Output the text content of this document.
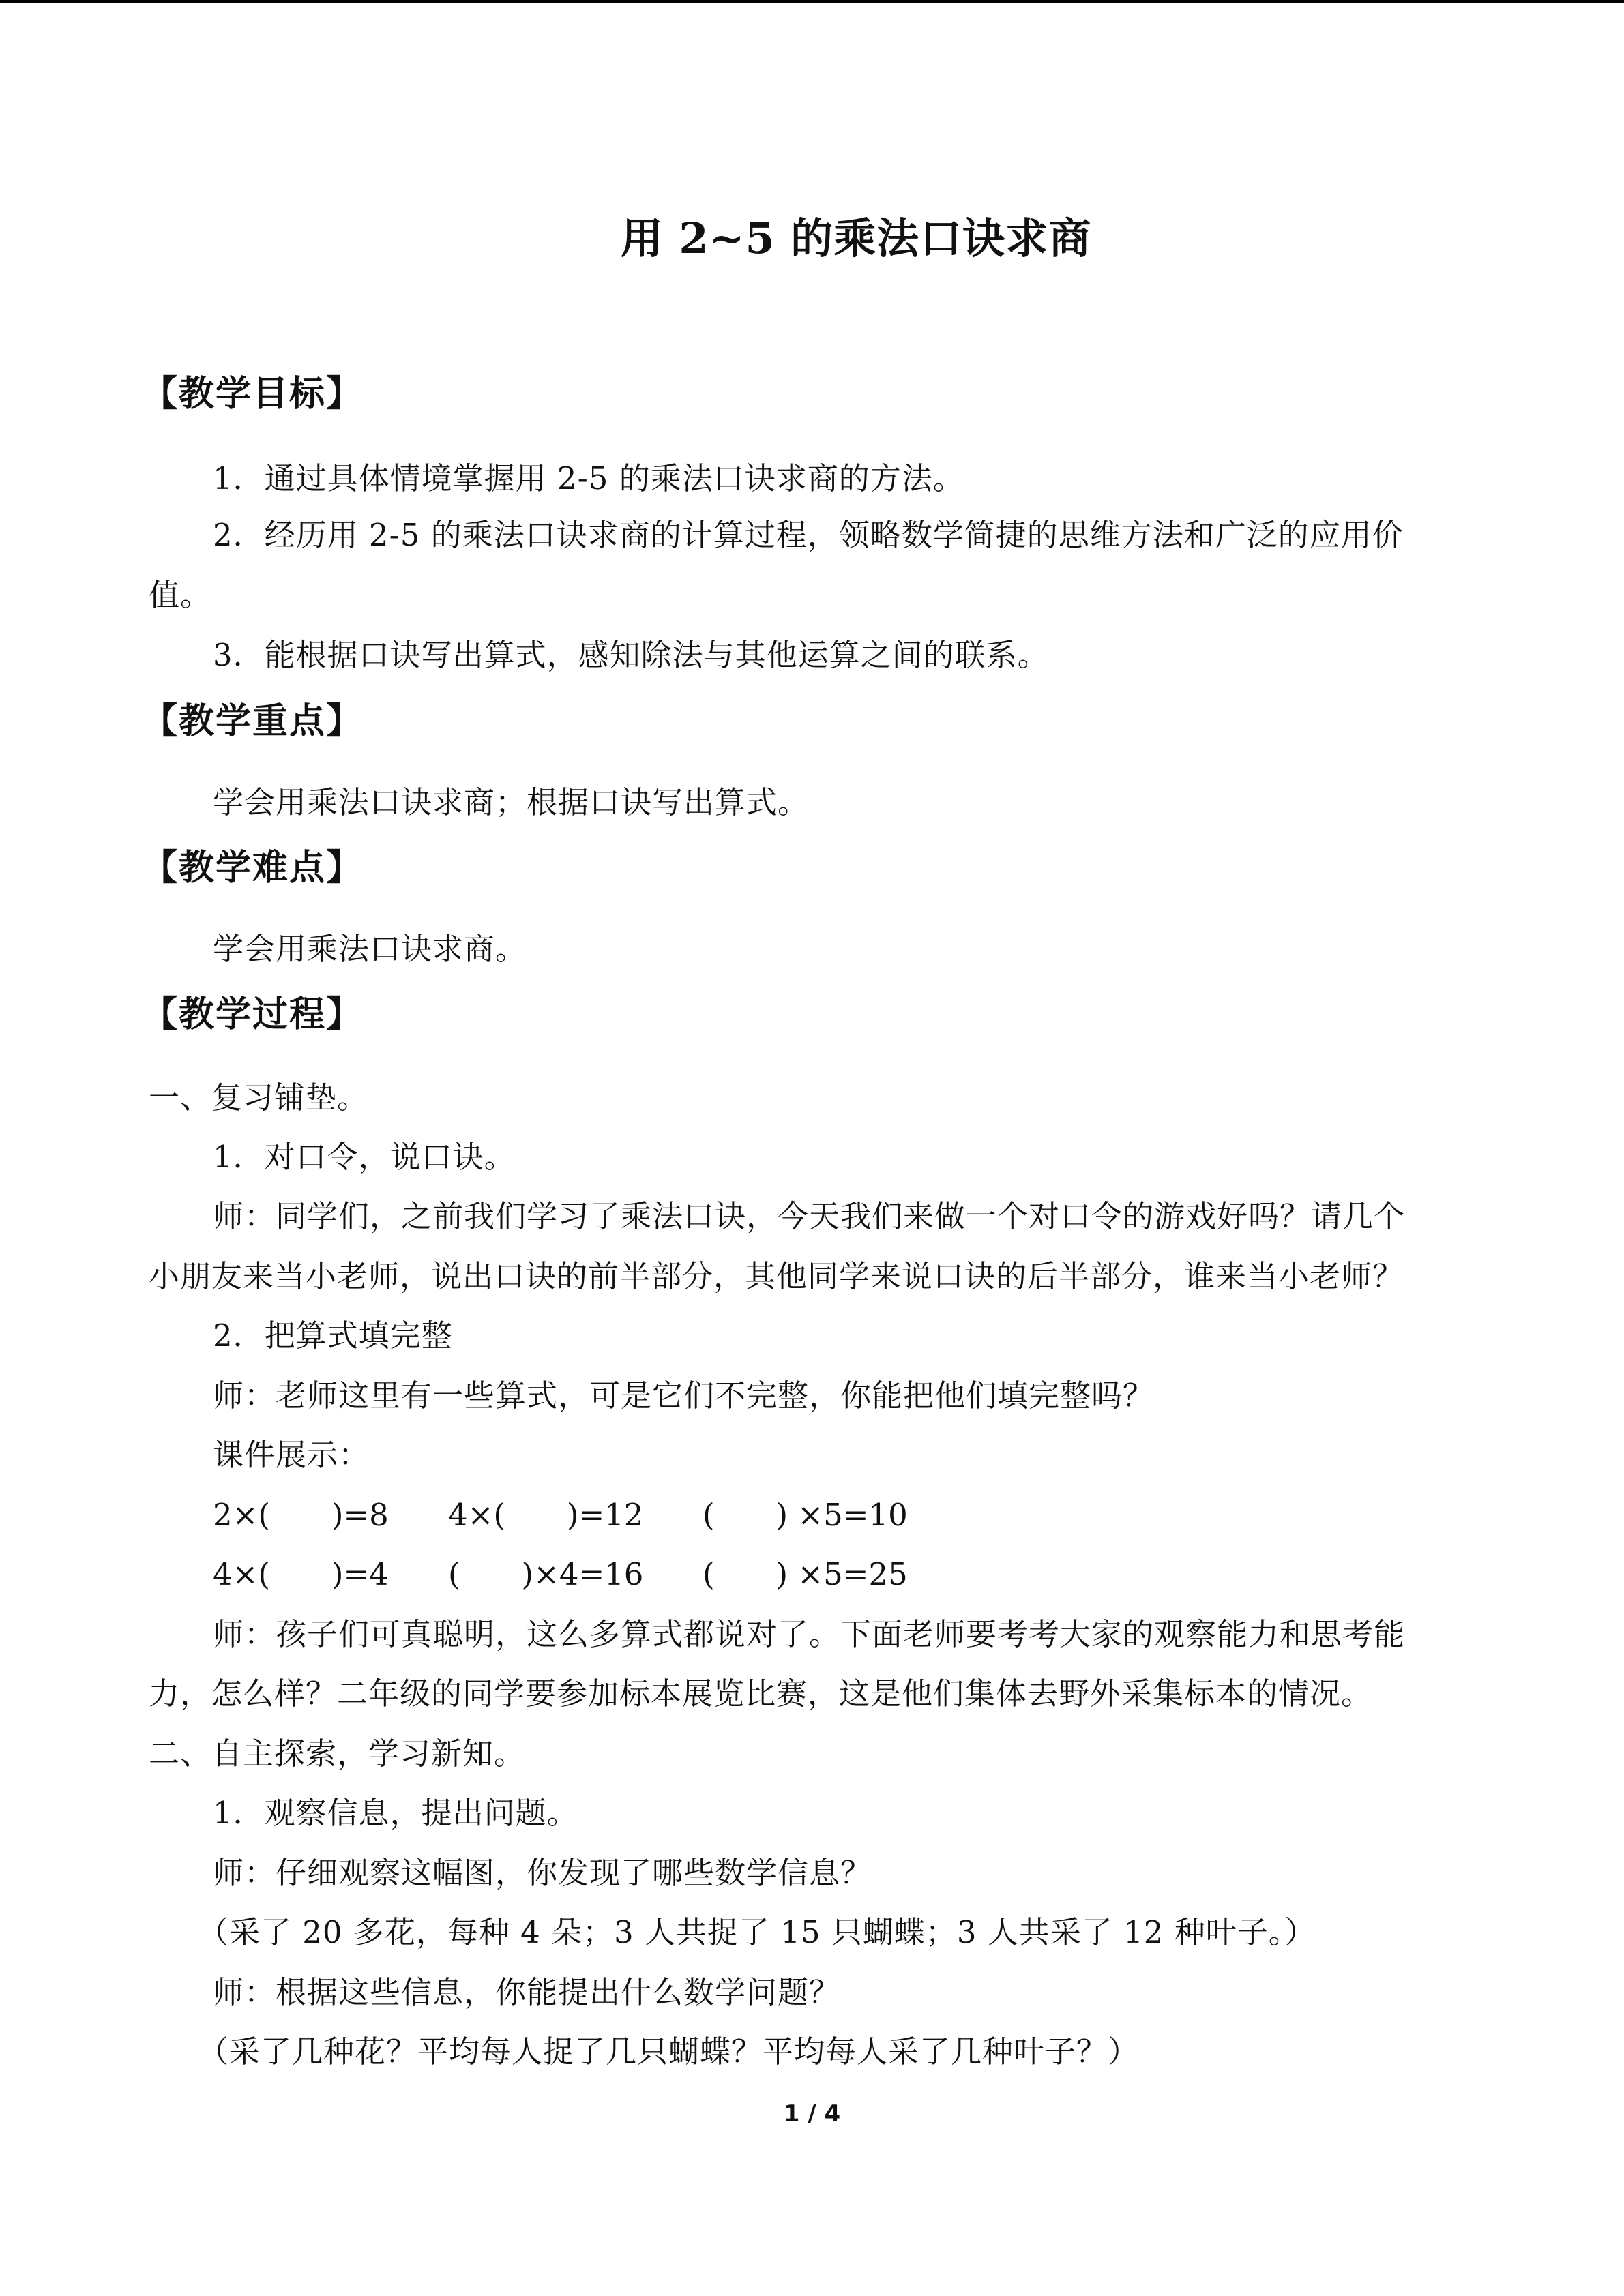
用 2~5 的乘法口诀求商
【教学目标】
1．通过具体情境掌握用 2-5 的乘法口诀求商的方法。
2．经历用 2-5 的乘法口诀求商的计算过程，领略数学简捷的思维方法和广泛的应用价
值。
3．能根据口诀写出算式，感知除法与其他运算之间的联系。
【教学重点】
学会用乘法口诀求商；根据口诀写出算式。
【教学难点】
学会用乘法口诀求商。
【教学过程】
一、复习铺垫。
1．对口令，说口诀。
师：同学们，之前我们学习了乘法口诀，今天我们来做一个对口令的游戏好吗？请几个
小朋友来当小老师，说出口诀的前半部分，其他同学来说口诀的后半部分，谁来当小老师？
2．把算式填完整
师：老师这里有一些算式，可是它们不完整，你能把他们填完整吗？
课件展示：
2×(　　)=8 4×(　　)=12 (　　) ×5=10
4×(　　)=4 (　　)×4=16 (　　) ×5=25
师：孩子们可真聪明，这么多算式都说对了。下面老师要考考大家的观察能力和思考能
力，怎么样？二年级的同学要参加标本展览比赛，这是他们集体去野外采集标本的情况。
二、自主探索，学习新知。
1．观察信息，提出问题。
师：仔细观察这幅图，你发现了哪些数学信息？
（采了 20 多花，每种 4 朵；3 人共捉了 15 只蝴蝶；3 人共采了 12 种叶子。）
师：根据这些信息，你能提出什么数学问题？
（采了几种花？平均每人捉了几只蝴蝶？平均每人采了几种叶子？）
1 / 4
